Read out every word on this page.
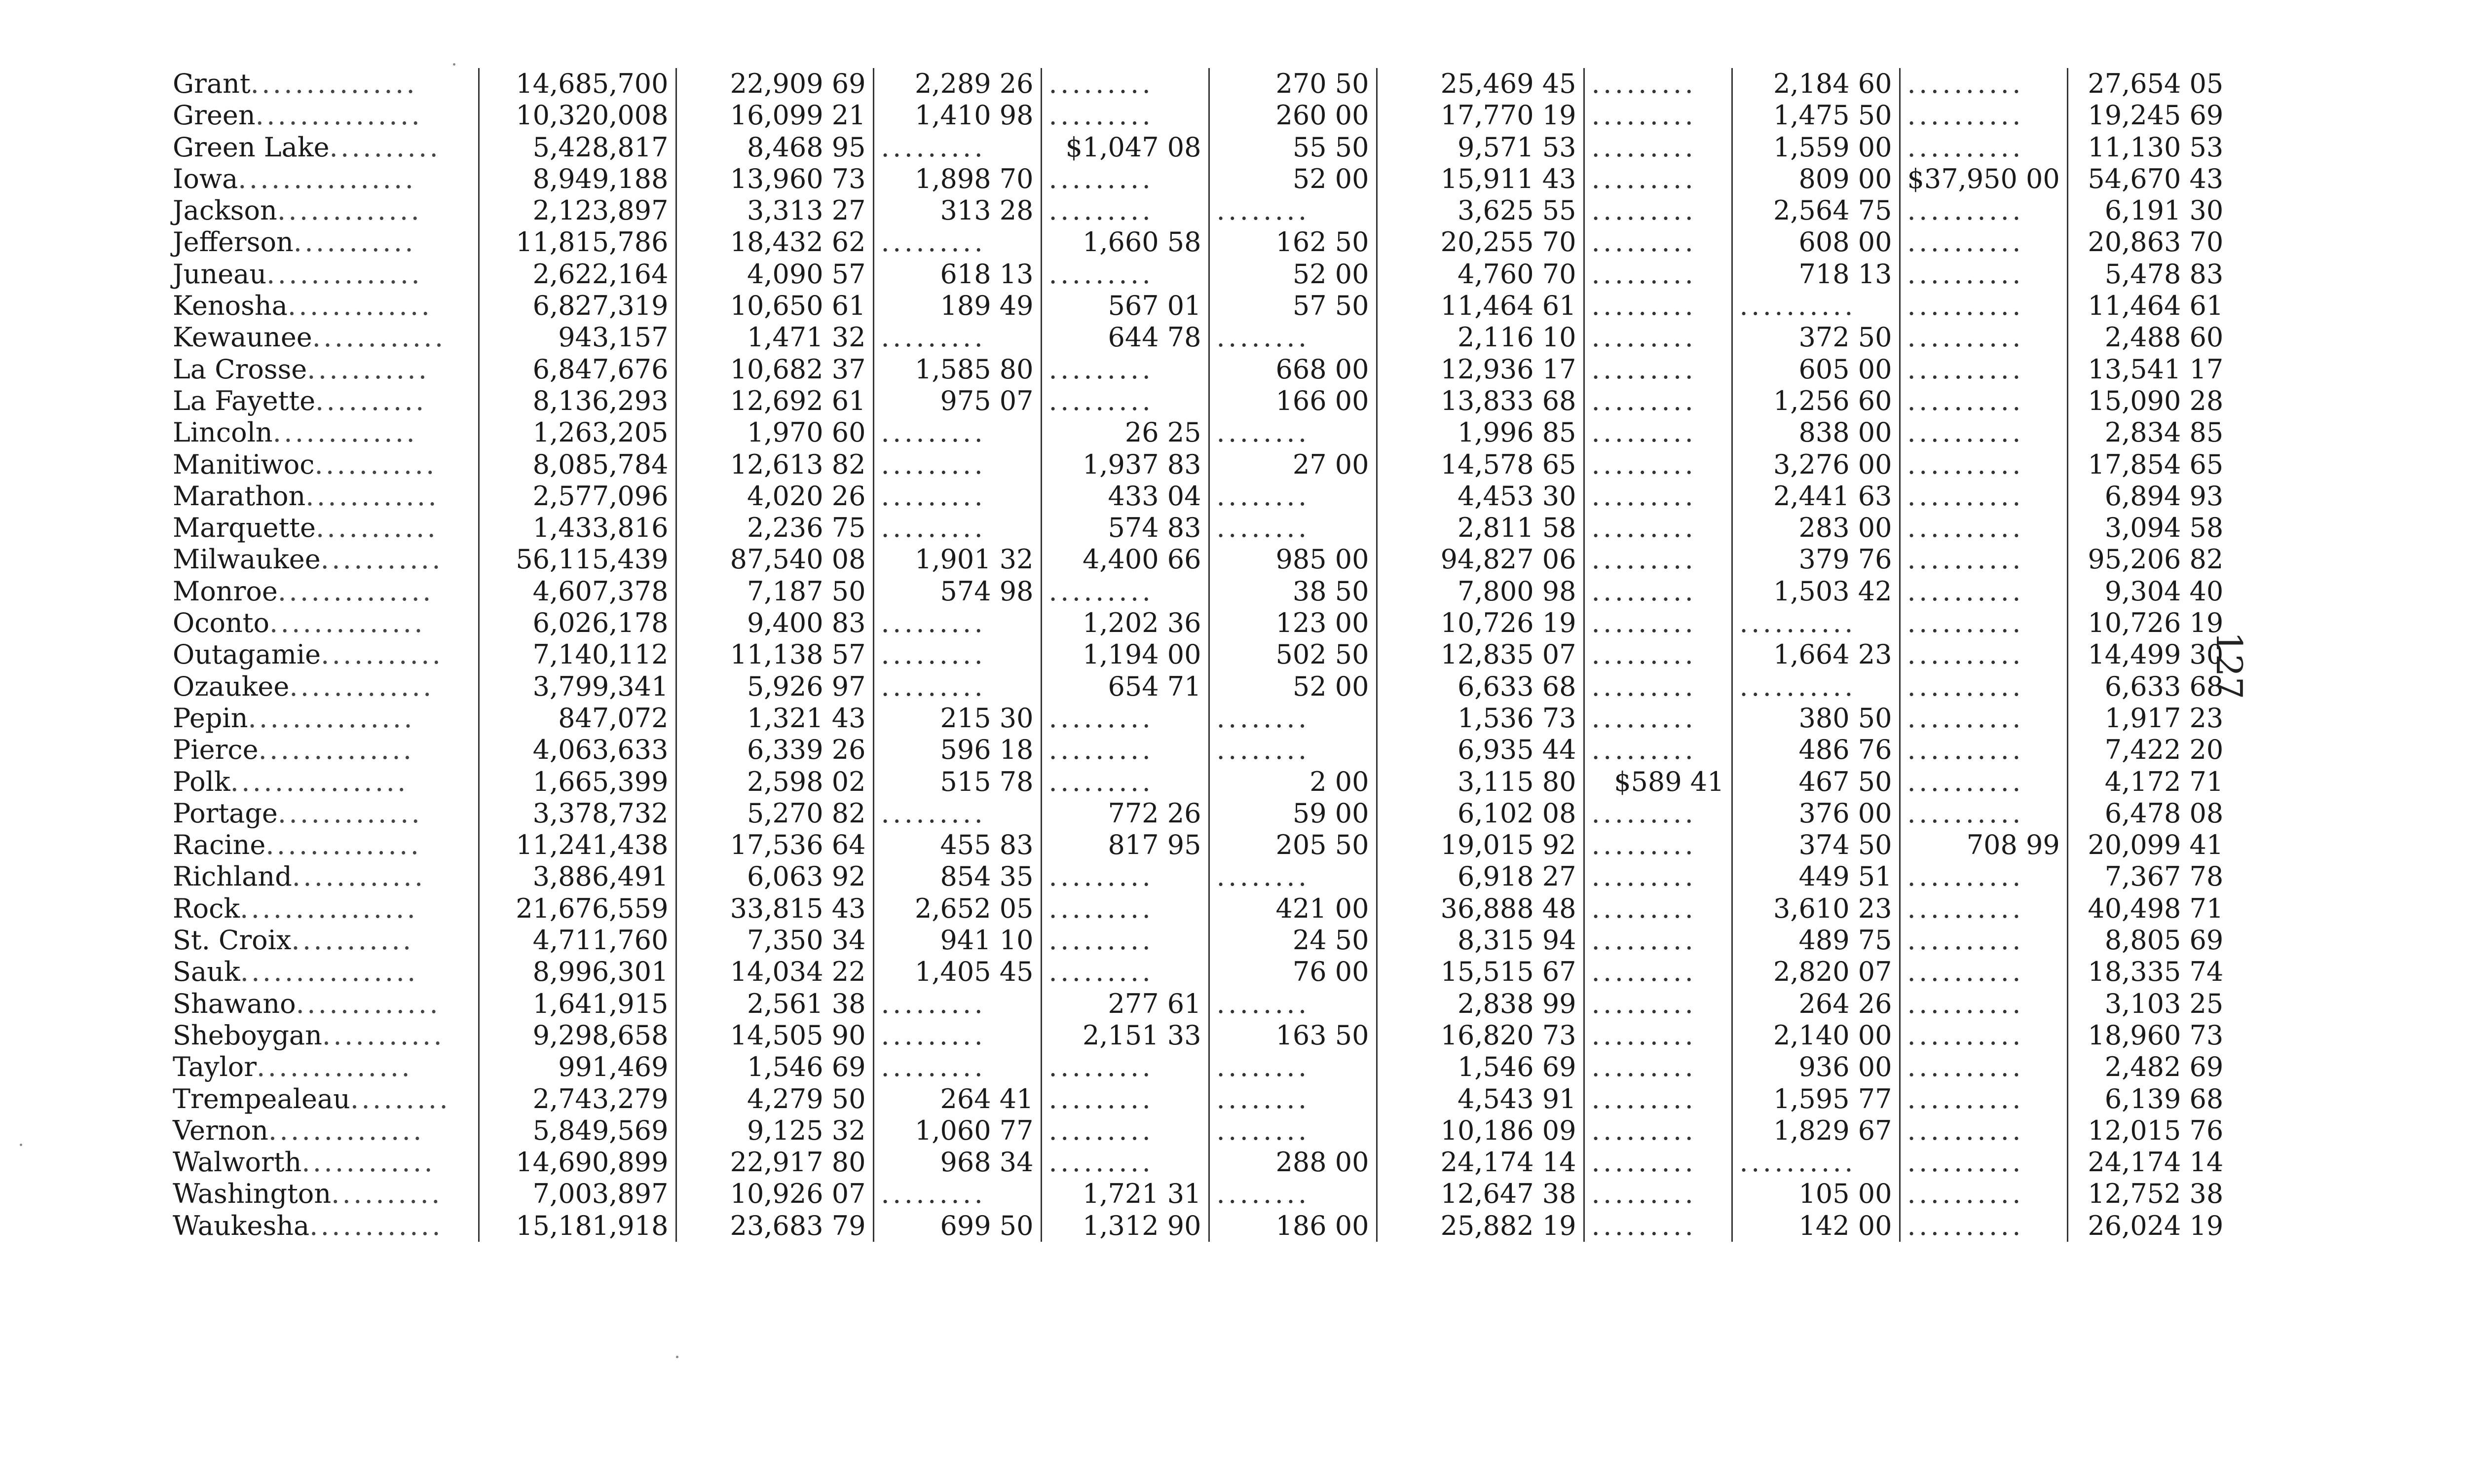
Grant...............	14,685,700	22,909 69	2,289 26	.........	270 50	25,469 45	.........	2,184 60	..........	27,654 05
Green...............	10,320,008	16,099 21	1,410 98	.........	260 00	17,770 19	.........	1,475 50	..........	19,245 69
Green Lake..........	5,428,817	8,468 95	.........	$1,047 08	55 50	9,571 53	.........	1,559 00	..........	11,130 53
Iowa................	8,949,188	13,960 73	1,898 70	.........	52 00	15,911 43	.........	809 00	$37,950 00	54,670 43
Jackson.............	2,123,897	3,313 27	313 28	.........	........	3,625 55	.........	2,564 75	..........	6,191 30
Jefferson...........	11,815,786	18,432 62	.........	1,660 58	162 50	20,255 70	.........	608 00	..........	20,863 70
Juneau..............	2,622,164	4,090 57	618 13	.........	52 00	4,760 70	.........	718 13	..........	5,478 83
Kenosha.............	6,827,319	10,650 61	189 49	567 01	57 50	11,464 61	.........	..........	..........	11,464 61
Kewaunee............	943,157	1,471 32	.........	644 78	........	2,116 10	.........	372 50	..........	2,488 60
La Crosse...........	6,847,676	10,682 37	1,585 80	.........	668 00	12,936 17	.........	605 00	..........	13,541 17
La Fayette..........	8,136,293	12,692 61	975 07	.........	166 00	13,833 68	.........	1,256 60	..........	15,090 28
Lincoln.............	1,263,205	1,970 60	.........	26 25	........	1,996 85	.........	838 00	..........	2,834 85
Manitiwoc...........	8,085,784	12,613 82	.........	1,937 83	27 00	14,578 65	.........	3,276 00	..........	17,854 65
Marathon............	2,577,096	4,020 26	.........	433 04	........	4,453 30	.........	2,441 63	..........	6,894 93
Marquette...........	1,433,816	2,236 75	.........	574 83	........	2,811 58	.........	283 00	..........	3,094 58
Milwaukee...........	56,115,439	87,540 08	1,901 32	4,400 66	985 00	94,827 06	.........	379 76	..........	95,206 82
Monroe..............	4,607,378	7,187 50	574 98	.........	38 50	7,800 98	.........	1,503 42	..........	9,304 40
Oconto..............	6,026,178	9,400 83	.........	1,202 36	123 00	10,726 19	.........	..........	..........	10,726 19
Outagamie...........	7,140,112	11,138 57	.........	1,194 00	502 50	12,835 07	.........	1,664 23	..........	14,499 30
Ozaukee.............	3,799,341	5,926 97	.........	654 71	52 00	6,633 68	.........	..........	..........	6,633 68
Pepin...............	847,072	1,321 43	215 30	.........	........	1,536 73	.........	380 50	..........	1,917 23
Pierce..............	4,063,633	6,339 26	596 18	.........	........	6,935 44	.........	486 76	..........	7,422 20
Polk................	1,665,399	2,598 02	515 78	.........	2 00	3,115 80	$589 41	467 50	..........	4,172 71
Portage.............	3,378,732	5,270 82	.........	772 26	59 00	6,102 08	.........	376 00	..........	6,478 08
Racine..............	11,241,438	17,536 64	455 83	817 95	205 50	19,015 92	.........	374 50	708 99	20,099 41
Richland............	3,886,491	6,063 92	854 35	.........	........	6,918 27	.........	449 51	..........	7,367 78
Rock................	21,676,559	33,815 43	2,652 05	.........	421 00	36,888 48	.........	3,610 23	..........	40,498 71
St. Croix...........	4,711,760	7,350 34	941 10	.........	24 50	8,315 94	.........	489 75	..........	8,805 69
Sauk................	8,996,301	14,034 22	1,405 45	.........	76 00	15,515 67	.........	2,820 07	..........	18,335 74
Shawano.............	1,641,915	2,561 38	.........	277 61	........	2,838 99	.........	264 26	..........	3,103 25
Sheboygan...........	9,298,658	14,505 90	.........	2,151 33	163 50	16,820 73	.........	2,140 00	..........	18,960 73
Taylor..............	991,469	1,546 69	.........	.........	........	1,546 69	.........	936 00	..........	2,482 69
Trempealeau.........	2,743,279	4,279 50	264 41	.........	........	4,543 91	.........	1,595 77	..........	6,139 68
Vernon..............	5,849,569	9,125 32	1,060 77	.........	........	10,186 09	.........	1,829 67	..........	12,015 76
Walworth............	14,690,899	22,917 80	968 34	.........	288 00	24,174 14	.........	..........	..........	24,174 14
Washington..........	7,003,897	10,926 07	.........	1,721 31	........	12,647 38	.........	105 00	..........	12,752 38
Waukesha............	15,181,918	23,683 79	699 50	1,312 90	186 00	25,882 19	.........	142 00	..........	26,024 19
127
